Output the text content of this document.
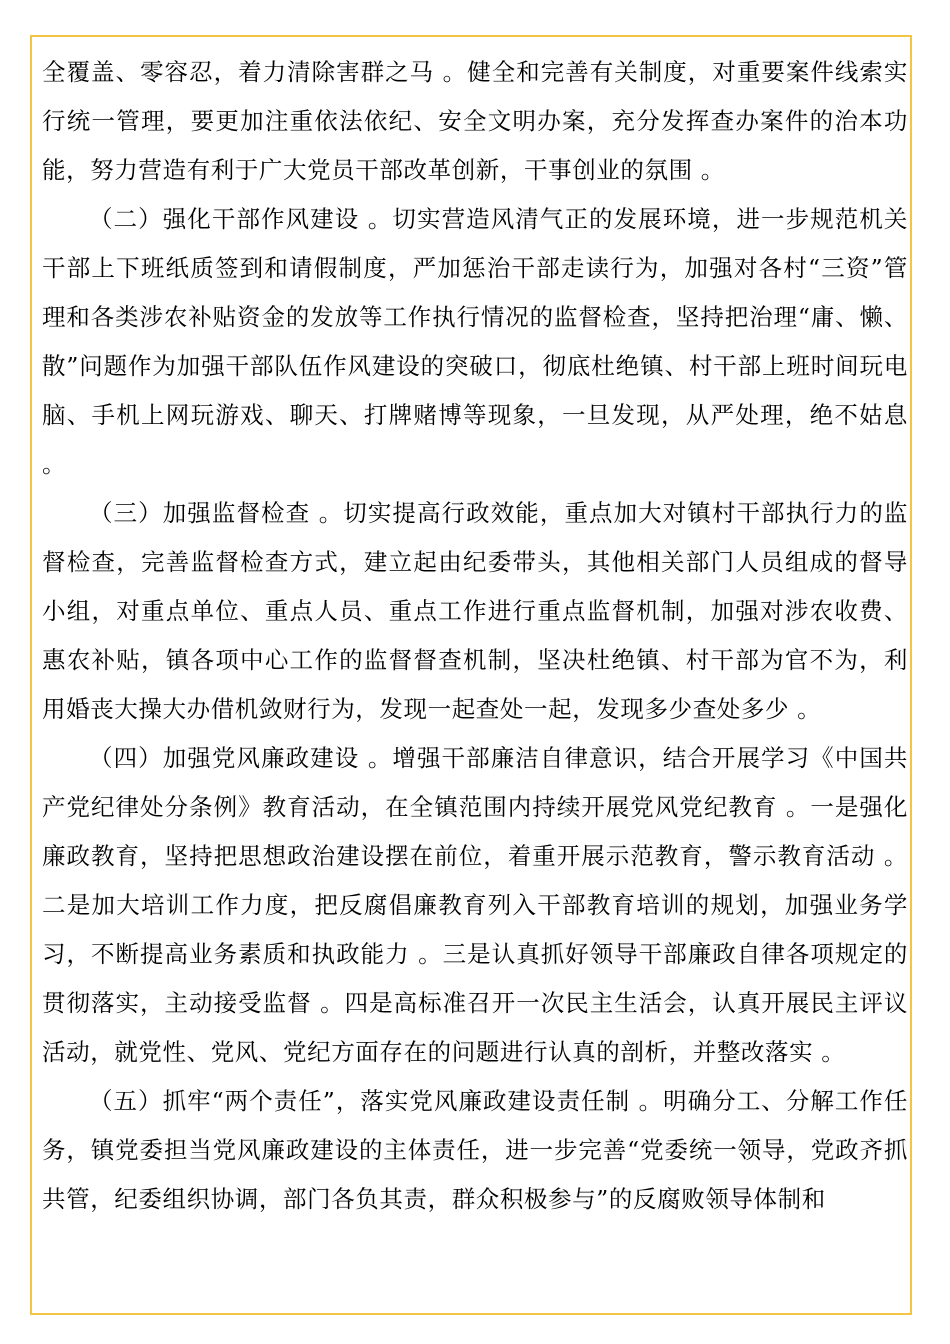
全覆盖、零容忍，着力清除害群之马 。健全和完善有关制度，对重要案件线索实行统一管理，要更加注重依法依纪、安全文明办案，充分发挥查办案件的治本功能，努力营造有利于广大党员干部改革创新，干事创业的氛围 。

（二）强化干部作风建设 。切实营造风清气正的发展环境，进一步规范机关干部上下班纸质签到和请假制度，严加惩治干部走读行为，加强对各村“三资”管理和各类涉农补贴资金的发放等工作执行情况的监督检查，坚持把治理“庸、懒、散”问题作为加强干部队伍作风建设的突破口，彻底杜绝镇、村干部上班时间玩电脑、手机上网玩游戏、聊天、打牌赌博等现象，一旦发现，从严处理，绝不姑息 。

（三）加强监督检查 。切实提高行政效能，重点加大对镇村干部执行力的监督检查，完善监督检查方式，建立起由纪委带头，其他相关部门人员组成的督导小组，对重点单位、重点人员、重点工作进行重点监督机制，加强对涉农收费、惠农补贴，镇各项中心工作的监督督查机制，坚决杜绝镇、村干部为官不为，利用婚丧大操大办借机敛财行为，发现一起查处一起，发现多少查处多少 。

（四）加强党风廉政建设 。增强干部廉洁自律意识，结合开展学习《中国共产党纪律处分条例》教育活动，在全镇范围内持续开展党风党纪教育 。一是强化廉政教育，坚持把思想政治建设摆在前位，着重开展示范教育，警示教育活动 。二是加大培训工作力度，把反腐倡廉教育列入干部教育培训的规划，加强业务学习，不断提高业务素质和执政能力 。三是认真抓好领导干部廉政自律各项规定的贯彻落实，主动接受监督 。四是高标准召开一次民主生活会，认真开展民主评议活动，就党性、党风、党纪方面存在的问题进行认真的剖析，并整改落实 。

（五）抓牢“两个责任”，落实党风廉政建设责任制 。明确分工、分解工作任务，镇党委担当党风廉政建设的主体责任，进一步完善“党委统一领导，党政齐抓共管，纪委组织协调，部门各负其责，群众积极参与”的反腐败领导体制和
